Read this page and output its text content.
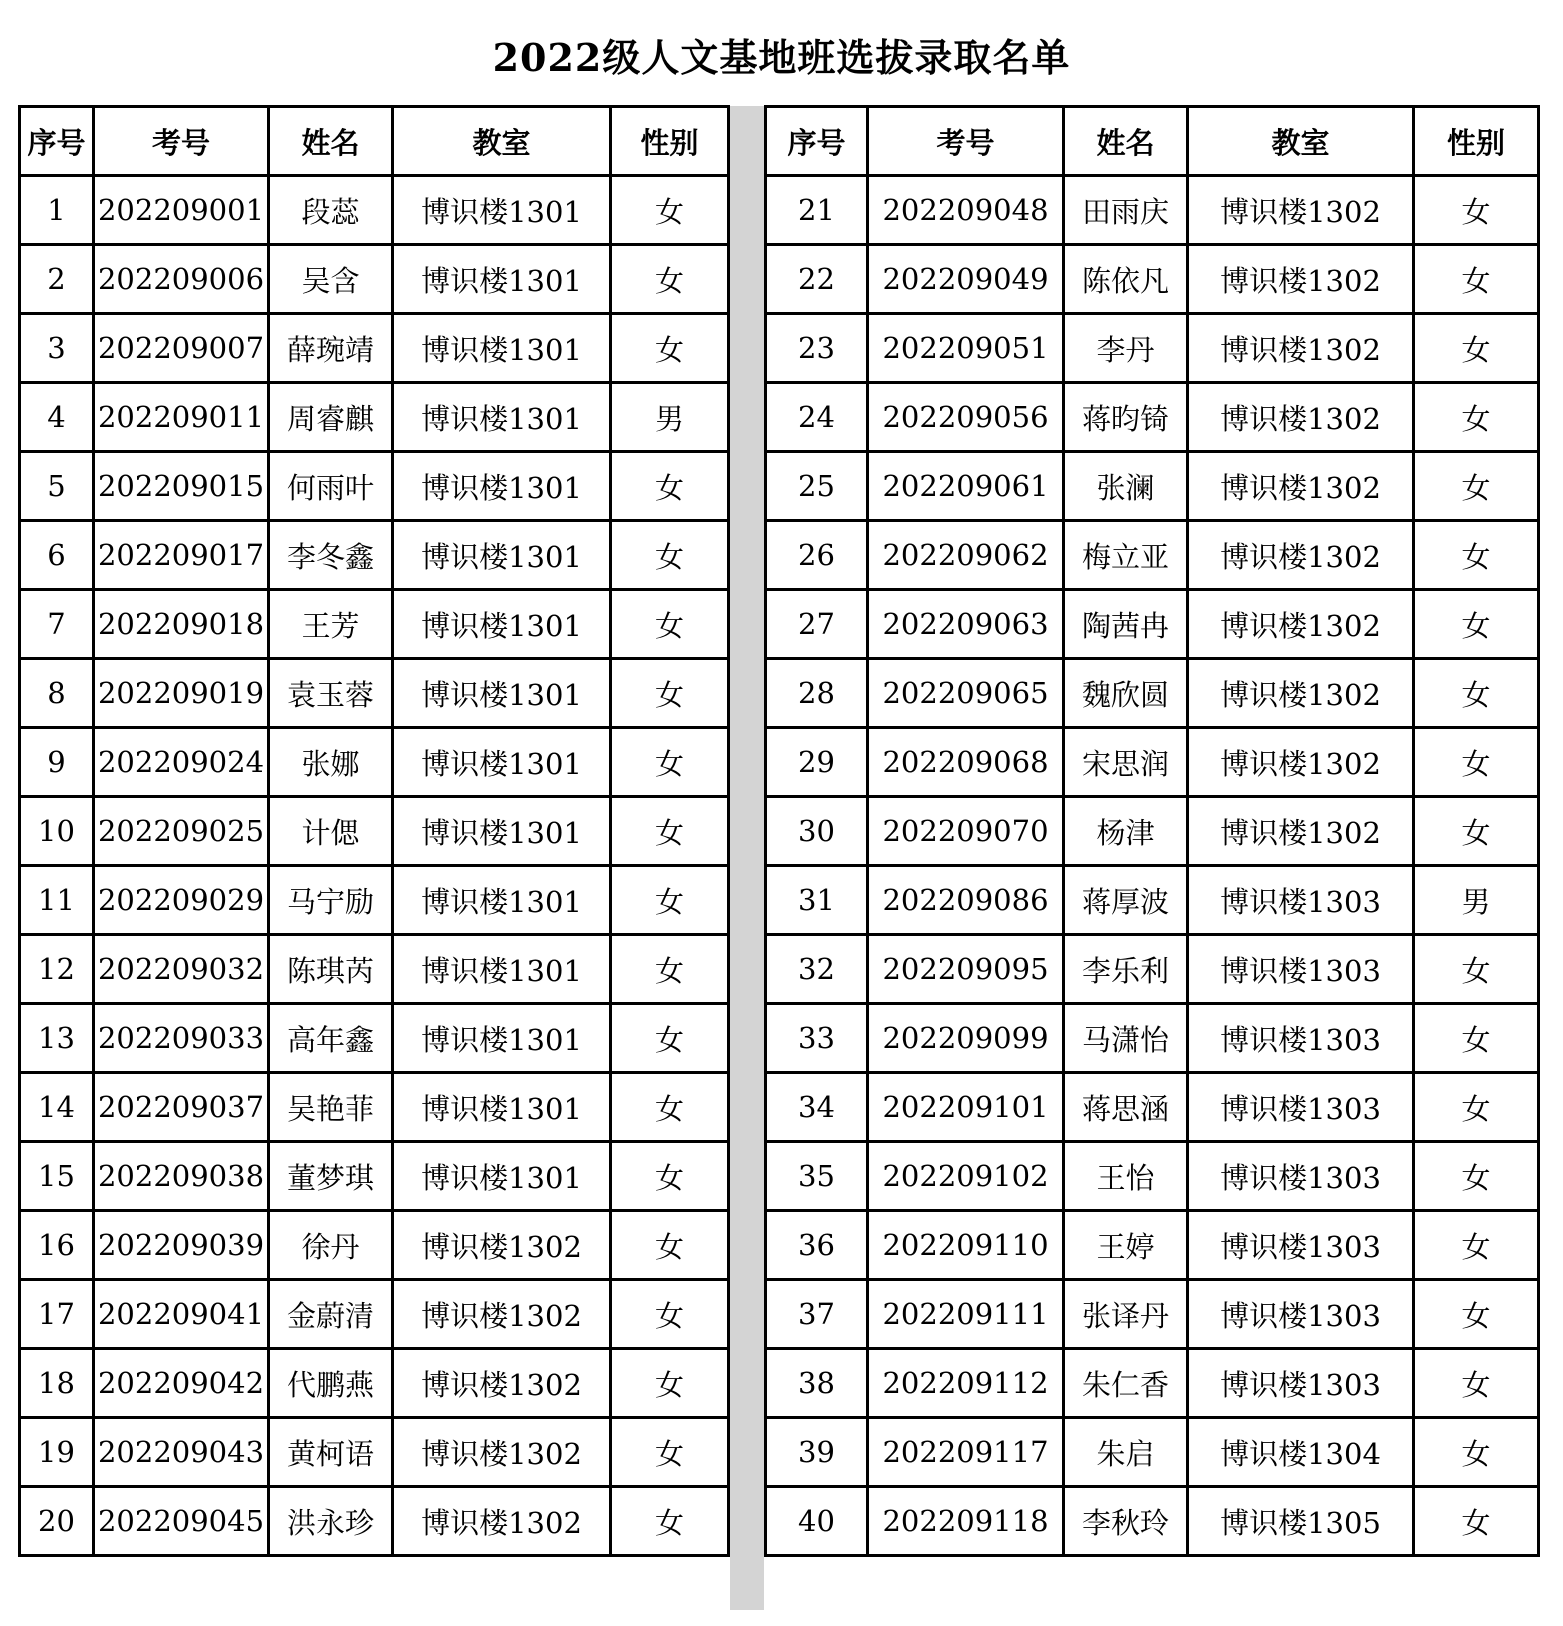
2022级人文基地班选拔录取名单
序号	考号	姓名	教室	性别
1	202209001	段蕊	博识楼1301	女
2	202209006	吴含	博识楼1301	女
3	202209007	薛琬靖	博识楼1301	女
4	202209011	周睿麒	博识楼1301	男
5	202209015	何雨叶	博识楼1301	女
6	202209017	李冬鑫	博识楼1301	女
7	202209018	王芳	博识楼1301	女
8	202209019	袁玉蓉	博识楼1301	女
9	202209024	张娜	博识楼1301	女
10	202209025	计偲	博识楼1301	女
11	202209029	马宁励	博识楼1301	女
12	202209032	陈琪芮	博识楼1301	女
13	202209033	高年鑫	博识楼1301	女
14	202209037	吴艳菲	博识楼1301	女
15	202209038	董梦琪	博识楼1301	女
16	202209039	徐丹	博识楼1302	女
17	202209041	金蔚清	博识楼1302	女
18	202209042	代鹏燕	博识楼1302	女
19	202209043	黄柯语	博识楼1302	女
20	202209045	洪永珍	博识楼1302	女
序号	考号	姓名	教室	性别
21	202209048	田雨庆	博识楼1302	女
22	202209049	陈依凡	博识楼1302	女
23	202209051	李丹	博识楼1302	女
24	202209056	蒋昀锜	博识楼1302	女
25	202209061	张澜	博识楼1302	女
26	202209062	梅立亚	博识楼1302	女
27	202209063	陶茜冉	博识楼1302	女
28	202209065	魏欣圆	博识楼1302	女
29	202209068	宋思润	博识楼1302	女
30	202209070	杨津	博识楼1302	女
31	202209086	蒋厚波	博识楼1303	男
32	202209095	李乐利	博识楼1303	女
33	202209099	马潇怡	博识楼1303	女
34	202209101	蒋思涵	博识楼1303	女
35	202209102	王怡	博识楼1303	女
36	202209110	王婷	博识楼1303	女
37	202209111	张译丹	博识楼1303	女
38	202209112	朱仁香	博识楼1303	女
39	202209117	朱启	博识楼1304	女
40	202209118	李秋玲	博识楼1305	女
